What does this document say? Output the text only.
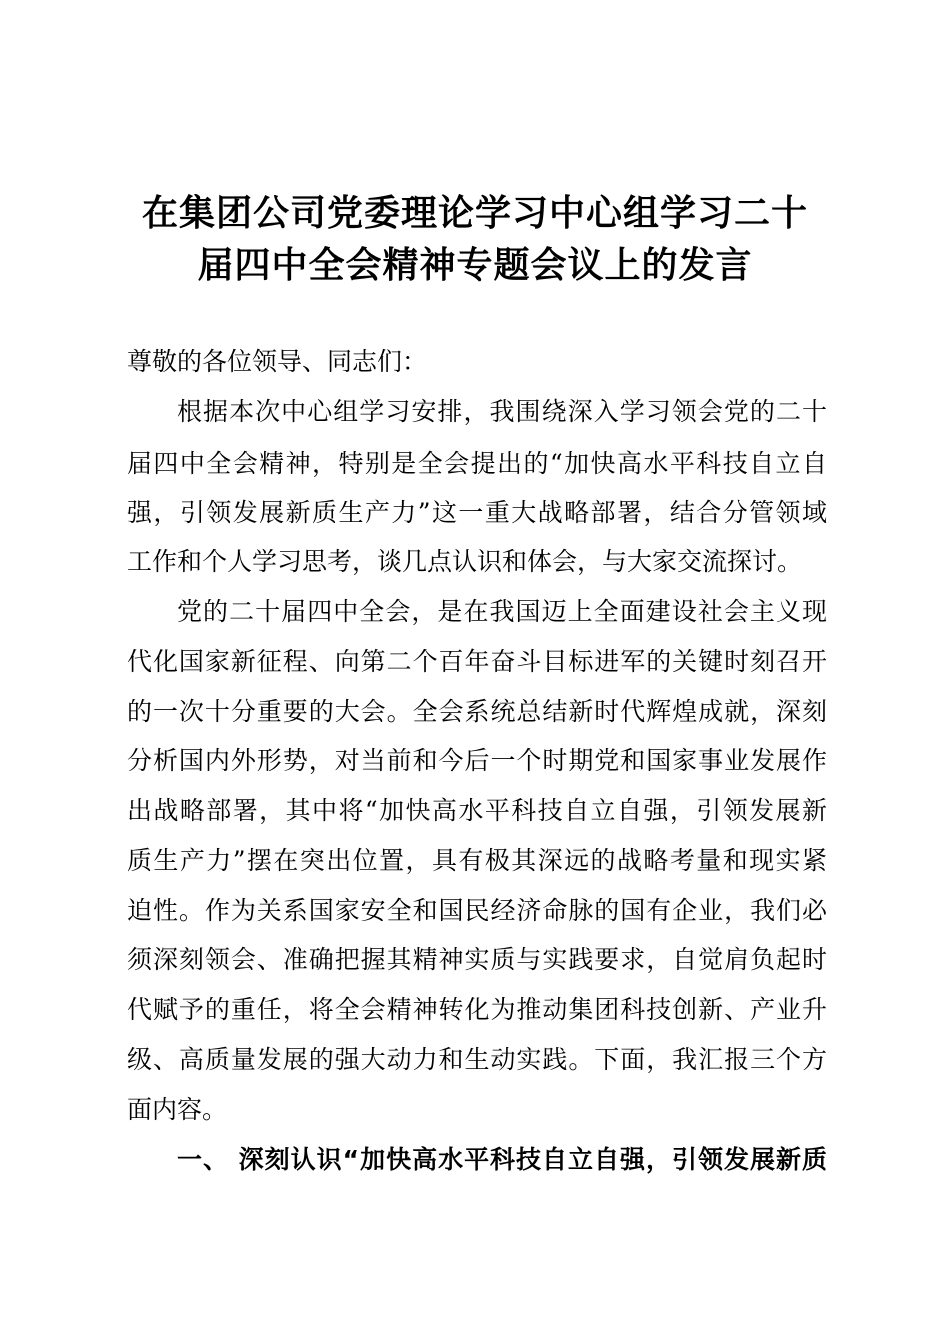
在集团公司党委理论学习中心组学习二十
届四中全会精神专题会议上的发言

尊敬的各位领导、同志们：

根据本次中心组学习安排，我围绕深入学习领会党的二十

届四中全会精神，特别是全会提出的“加快高水平科技自立自

强，引领发展新质生产力”这一重大战略部署，结合分管领域

工作和个人学习思考，谈几点认识和体会，与大家交流探讨。

党的二十届四中全会，是在我国迈上全面建设社会主义现

代化国家新征程、向第二个百年奋斗目标进军的关键时刻召开

的一次十分重要的大会。全会系统总结新时代辉煌成就，深刻

分析国内外形势，对当前和今后一个时期党和国家事业发展作

出战略部署，其中将“加快高水平科技自立自强，引领发展新

质生产力”摆在突出位置，具有极其深远的战略考量和现实紧

迫性。作为关系国家安全和国民经济命脉的国有企业，我们必

须深刻领会、准确把握其精神实质与实践要求，自觉肩负起时

代赋予的重任，将全会精神转化为推动集团科技创新、产业升

级、高质量发展的强大动力和生动实践。下面，我汇报三个方

面内容。

一、 深刻认识“加快高水平科技自立自强，引领发展新质
